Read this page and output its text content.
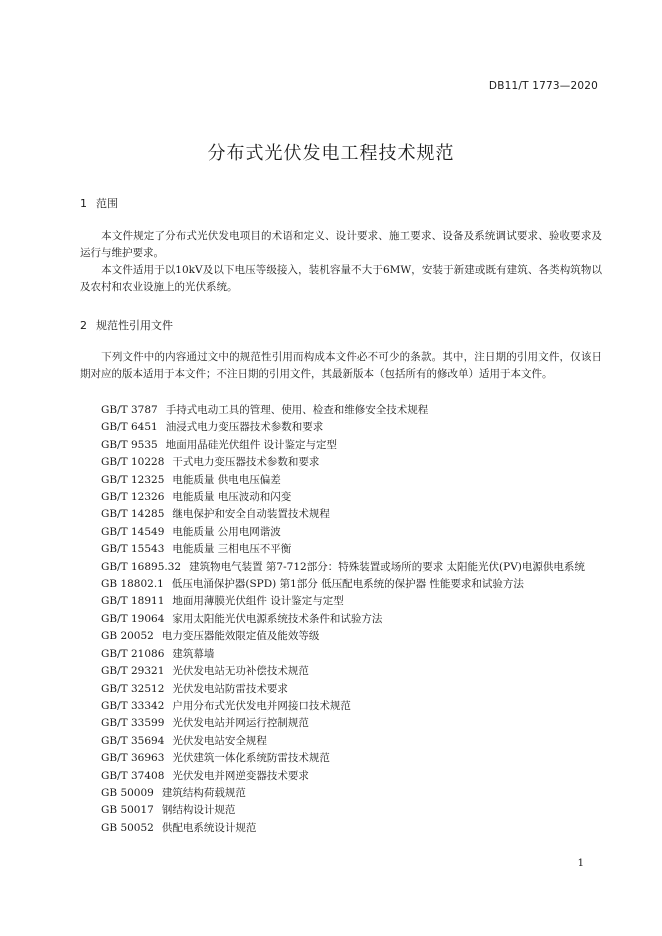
DB11/T 1773—2020
分布式光伏发电工程技术规范
1 范围
本文件规定了分布式光伏发电项目的术语和定义、设计要求、施工要求、设备及系统调试要求、验收要求及运行与维护要求。
本文件适用于以10kV及以下电压等级接入，装机容量不大于6MW，安装于新建或既有建筑、各类构筑物以及农村和农业设施上的光伏系统。
2 规范性引用文件
下列文件中的内容通过文中的规范性引用而构成本文件必不可少的条款。其中，注日期的引用文件，仅该日期对应的版本适用于本文件；不注日期的引用文件，其最新版本（包括所有的修改单）适用于本文件。
GB/T 3787 手持式电动工具的管理、使用、检查和维修安全技术规程
GB/T 6451 油浸式电力变压器技术参数和要求
GB/T 9535 地面用晶硅光伏组件 设计鉴定与定型
GB/T 10228 干式电力变压器技术参数和要求
GB/T 12325 电能质量 供电电压偏差
GB/T 12326 电能质量 电压波动和闪变
GB/T 14285 继电保护和安全自动装置技术规程
GB/T 14549 电能质量 公用电网谐波
GB/T 15543 电能质量 三相电压不平衡
GB/T 16895.32 建筑物电气装置 第7-712部分：特殊装置或场所的要求 太阳能光伏(PV)电源供电系统
GB 18802.1 低压电涌保护器(SPD) 第1部分 低压配电系统的保护器 性能要求和试验方法
GB/T 18911 地面用薄膜光伏组件 设计鉴定与定型
GB/T 19064 家用太阳能光伏电源系统技术条件和试验方法
GB 20052 电力变压器能效限定值及能效等级
GB/T 21086 建筑幕墙
GB/T 29321 光伏发电站无功补偿技术规范
GB/T 32512 光伏发电站防雷技术要求
GB/T 33342 户用分布式光伏发电并网接口技术规范
GB/T 33599 光伏发电站并网运行控制规范
GB/T 35694 光伏发电站安全规程
GB/T 36963 光伏建筑一体化系统防雷技术规范
GB/T 37408 光伏发电并网逆变器技术要求
GB 50009 建筑结构荷载规范
GB 50017 钢结构设计规范
GB 50052 供配电系统设计规范
1
